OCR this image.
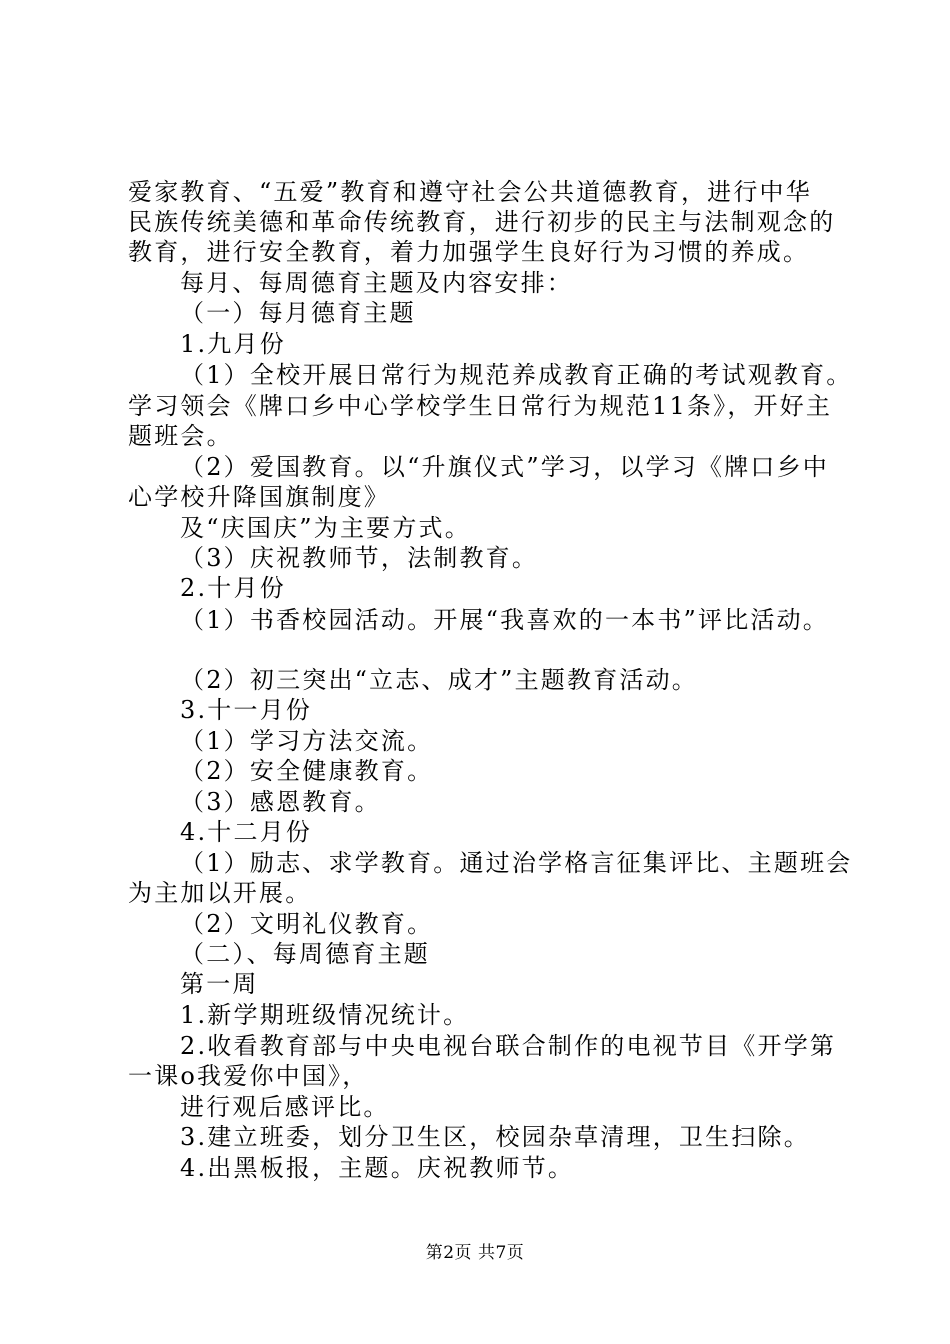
爱家教育、“五爱”教育和遵守社会公共道德教育，进行中华
民族传统美德和革命传统教育，进行初步的民主与法制观念的
教育，进行安全教育，着力加强学生良好行为习惯的养成。
每月、每周德育主题及内容安排：
（一）每月德育主题
1.九月份
（1）全校开展日常行为规范养成教育正确的考试观教育。
学习领会《牌口乡中心学校学生日常行为规范11条》，开好主
题班会。
（2）爱国教育。以“升旗仪式”学习，以学习《牌口乡中
心学校升降国旗制度》
及“庆国庆”为主要方式。
（3）庆祝教师节，法制教育。
2.十月份
（1）书香校园活动。开展“我喜欢的一本书”评比活动。
（2）初三突出“立志、成才”主题教育活动。
3.十一月份
（1）学习方法交流。
（2）安全健康教育。
（3）感恩教育。
4.十二月份
（1）励志、求学教育。通过治学格言征集评比、主题班会
为主加以开展。
（2）文明礼仪教育。
（二）、每周德育主题
第一周
1.新学期班级情况统计。
2.收看教育部与中央电视台联合制作的电视节目《开学第
一课o我爱你中国》，
进行观后感评比。
3.建立班委，划分卫生区，校园杂草清理，卫生扫除。
4.出黑板报，主题。庆祝教师节。
第2页 共7页
